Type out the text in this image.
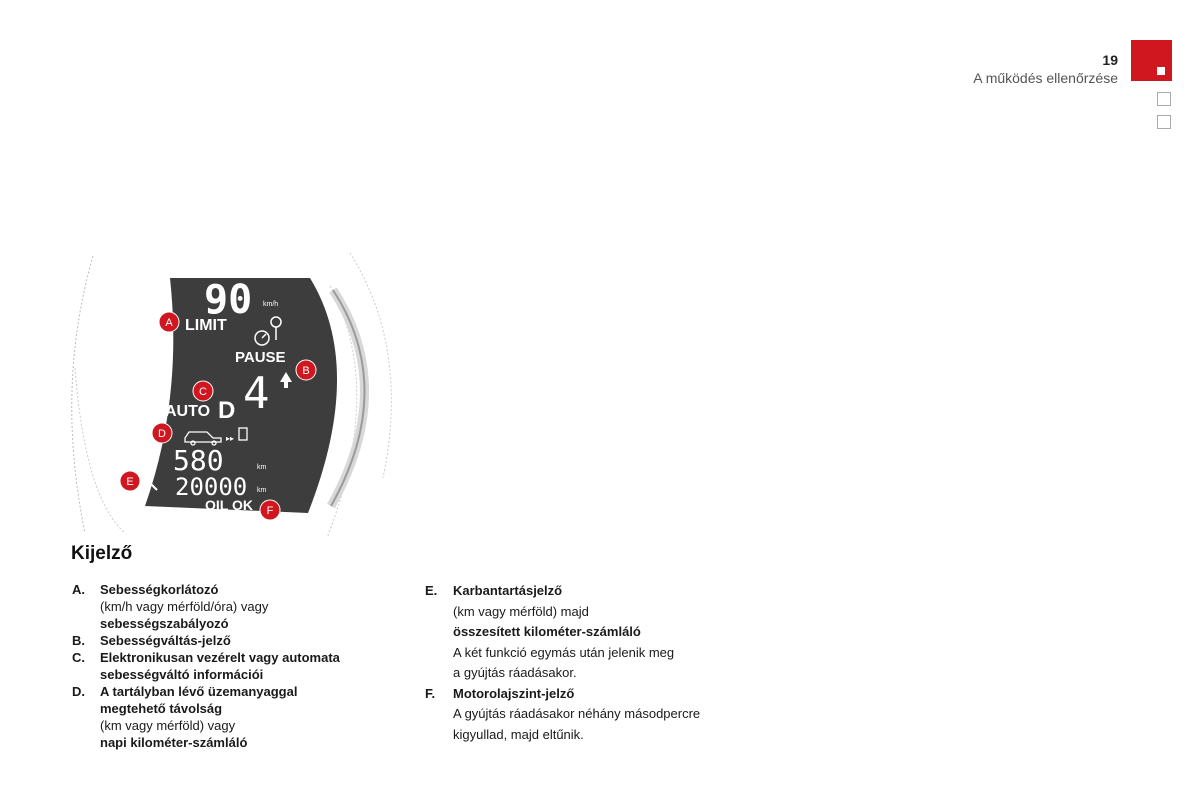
19
A működés ellenőrzése
90 km/h
LIMIT
PAUSE
4
AUTO D
▸▸
580	km
20000 km
OIL OK
A
B
C
D
E
F
Kijelző
A. Sebességkorlátozó
(km/h vagy mérföld/óra) vagy
sebességszabályozó
B. Sebességváltás-jelző
C. Elektronikusan vezérelt vagy automata
sebességváltó információi
D. A tartályban lévő üzemanyaggal
megtehető távolság
(km vagy mérföld) vagy
napi kilométer-számláló
E. Karbantartásjelző
(km vagy mérföld) majd
összesített kilométer-számláló
A két funkció egymás után jelenik meg
a gyújtás ráadásakor.
F. Motorolajszint-jelző
A gyújtás ráadásakor néhány másodpercre
kigyullad, majd eltűnik.
